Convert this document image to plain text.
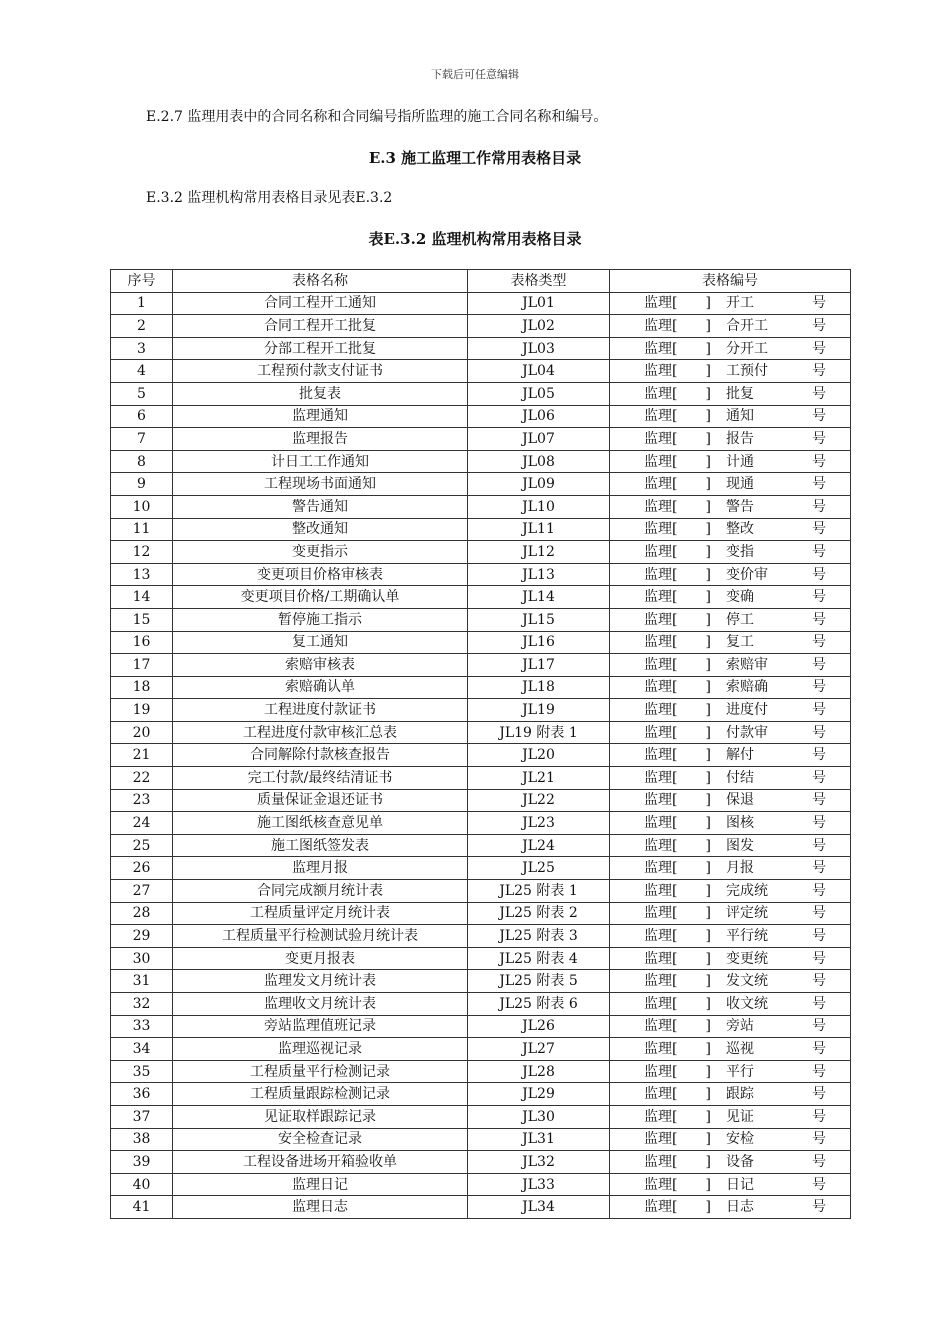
下载后可任意编辑
E.2.7 监理用表中的合同名称和合同编号指所监理的施工合同名称和编号。
E.3 施工监理工作常用表格目录
E.3.2 监理机构常用表格目录见表E.3.2
表E.3.2 监理机构常用表格目录
序号	表格名称	表格类型	表格编号
1	合同工程开工通知	JL01	监理[　　] 开工 号

2	合同工程开工批复	JL02	监理[　　] 合开工 号

3	分部工程开工批复	JL03	监理[　　] 分开工 号

4	工程预付款支付证书	JL04	监理[　　] 工预付 号

5	批复表	JL05	监理[　　] 批复 号

6	监理通知	JL06	监理[　　] 通知 号

7	监理报告	JL07	监理[　　] 报告 号

8	计日工工作通知	JL08	监理[　　] 计通 号

9	工程现场书面通知	JL09	监理[　　] 现通 号

10	警告通知	JL10	监理[　　] 警告 号

11	整改通知	JL11	监理[　　] 整改 号

12	变更指示	JL12	监理[　　] 变指 号

13	变更项目价格审核表	JL13	监理[　　] 变价审 号

14	变更项目价格/工期确认单	JL14	监理[　　] 变确 号

15	暂停施工指示	JL15	监理[　　] 停工 号

16	复工通知	JL16	监理[　　] 复工 号

17	索赔审核表	JL17	监理[　　] 索赔审 号

18	索赔确认单	JL18	监理[　　] 索赔确 号

19	工程进度付款证书	JL19	监理[　　] 进度付 号

20	工程进度付款审核汇总表	JL19 附表 1	监理[　　] 付款审 号

21	合同解除付款核查报告	JL20	监理[　　] 解付 号

22	完工付款/最终结清证书	JL21	监理[　　] 付结 号

23	质量保证金退还证书	JL22	监理[　　] 保退 号

24	施工图纸核查意见单	JL23	监理[　　] 图核 号

25	施工图纸签发表	JL24	监理[　　] 图发 号

26	监理月报	JL25	监理[　　] 月报 号

27	合同完成额月统计表	JL25 附表 1	监理[　　] 完成统 号

28	工程质量评定月统计表	JL25 附表 2	监理[　　] 评定统 号

29	工程质量平行检测试验月统计表	JL25 附表 3	监理[　　] 平行统 号

30	变更月报表	JL25 附表 4	监理[　　] 变更统 号

31	监理发文月统计表	JL25 附表 5	监理[　　] 发文统 号

32	监理收文月统计表	JL25 附表 6	监理[　　] 收文统 号

33	旁站监理值班记录	JL26	监理[　　] 旁站 号

34	监理巡视记录	JL27	监理[　　] 巡视 号

35	工程质量平行检测记录	JL28	监理[　　] 平行 号

36	工程质量跟踪检测记录	JL29	监理[　　] 跟踪 号

37	见证取样跟踪记录	JL30	监理[　　] 见证 号

38	安全检查记录	JL31	监理[　　] 安检 号

39	工程设备进场开箱验收单	JL32	监理[　　] 设备 号

40	监理日记	JL33	监理[　　] 日记 号

41	监理日志	JL34	监理[　　] 日志 号
